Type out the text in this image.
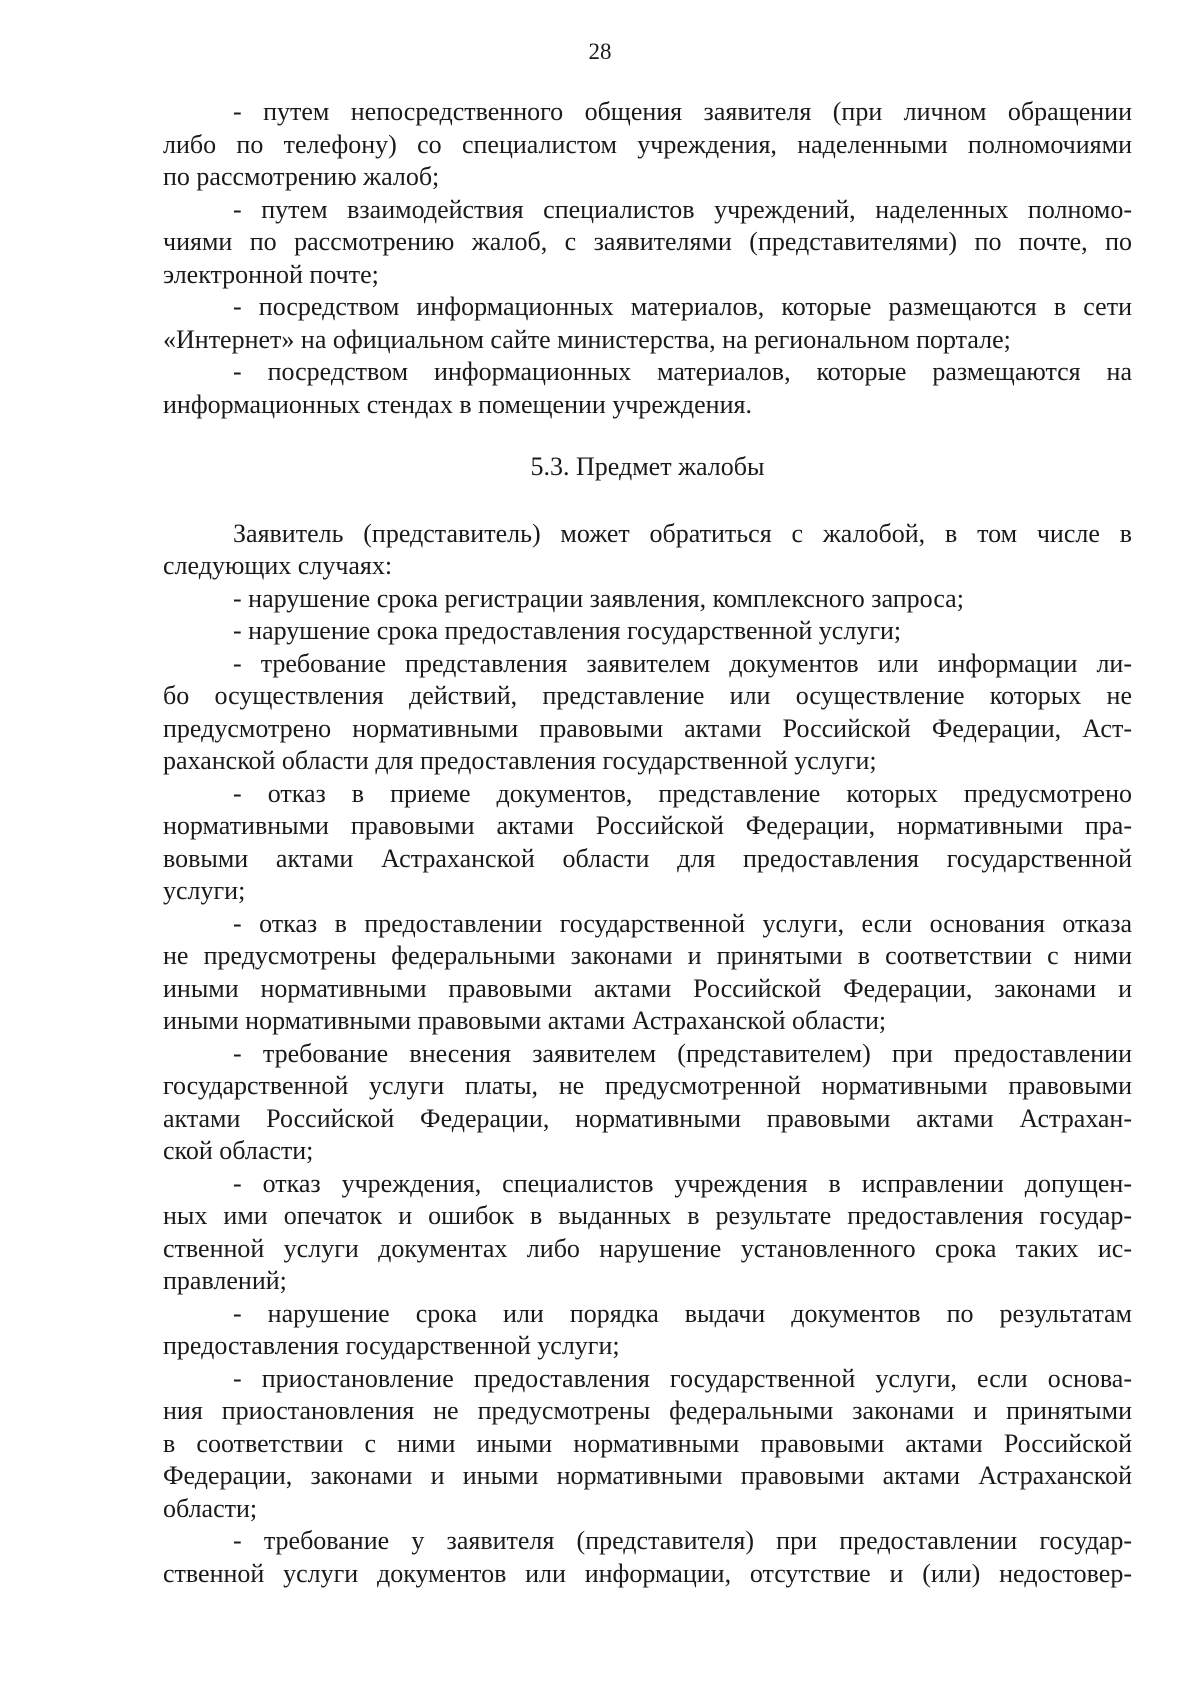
28
- путем непосредственного общения заявителя (при личном обращении
либо по телефону) со специалистом учреждения, наделенными полномочиями
по рассмотрению жалоб;
- путем взаимодействия специалистов учреждений, наделенных полномо-
чиями по рассмотрению жалоб, с заявителями (представителями) по почте, по
электронной почте;
- посредством информационных материалов, которые размещаются в сети
«Интернет» на официальном сайте министерства, на региональном портале;
- посредством информационных материалов, которые размещаются на
информационных стендах в помещении учреждения.
5.3. Предмет жалобы
Заявитель (представитель) может обратиться с жалобой, в том числе в
следующих случаях:
- нарушение срока регистрации заявления, комплексного запроса;
- нарушение срока предоставления государственной услуги;
- требование представления заявителем документов или информации ли-
бо осуществления действий, представление или осуществление которых не
предусмотрено нормативными правовыми актами Российской Федерации, Аст-
раханской области для предоставления государственной услуги;
- отказ в приеме документов, представление которых предусмотрено
нормативными правовыми актами Российской Федерации, нормативными пра-
вовыми актами Астраханской области для предоставления государственной
услуги;
- отказ в предоставлении государственной услуги, если основания отказа
не предусмотрены федеральными законами и принятыми в соответствии с ними
иными нормативными правовыми актами Российской Федерации, законами и
иными нормативными правовыми актами Астраханской области;
- требование внесения заявителем (представителем) при предоставлении
государственной услуги платы, не предусмотренной нормативными правовыми
актами Российской Федерации, нормативными правовыми актами Астрахан-
ской области;
- отказ учреждения, специалистов учреждения в исправлении допущен-
ных ими опечаток и ошибок в выданных в результате предоставления государ-
ственной услуги документах либо нарушение установленного срока таких ис-
правлений;
- нарушение срока или порядка выдачи документов по результатам
предоставления государственной услуги;
- приостановление предоставления государственной услуги, если основа-
ния приостановления не предусмотрены федеральными законами и принятыми
в соответствии с ними иными нормативными правовыми актами Российской
Федерации, законами и иными нормативными правовыми актами Астраханской
области;
- требование у заявителя (представителя) при предоставлении государ-
ственной услуги документов или информации, отсутствие и (или) недостовер-
